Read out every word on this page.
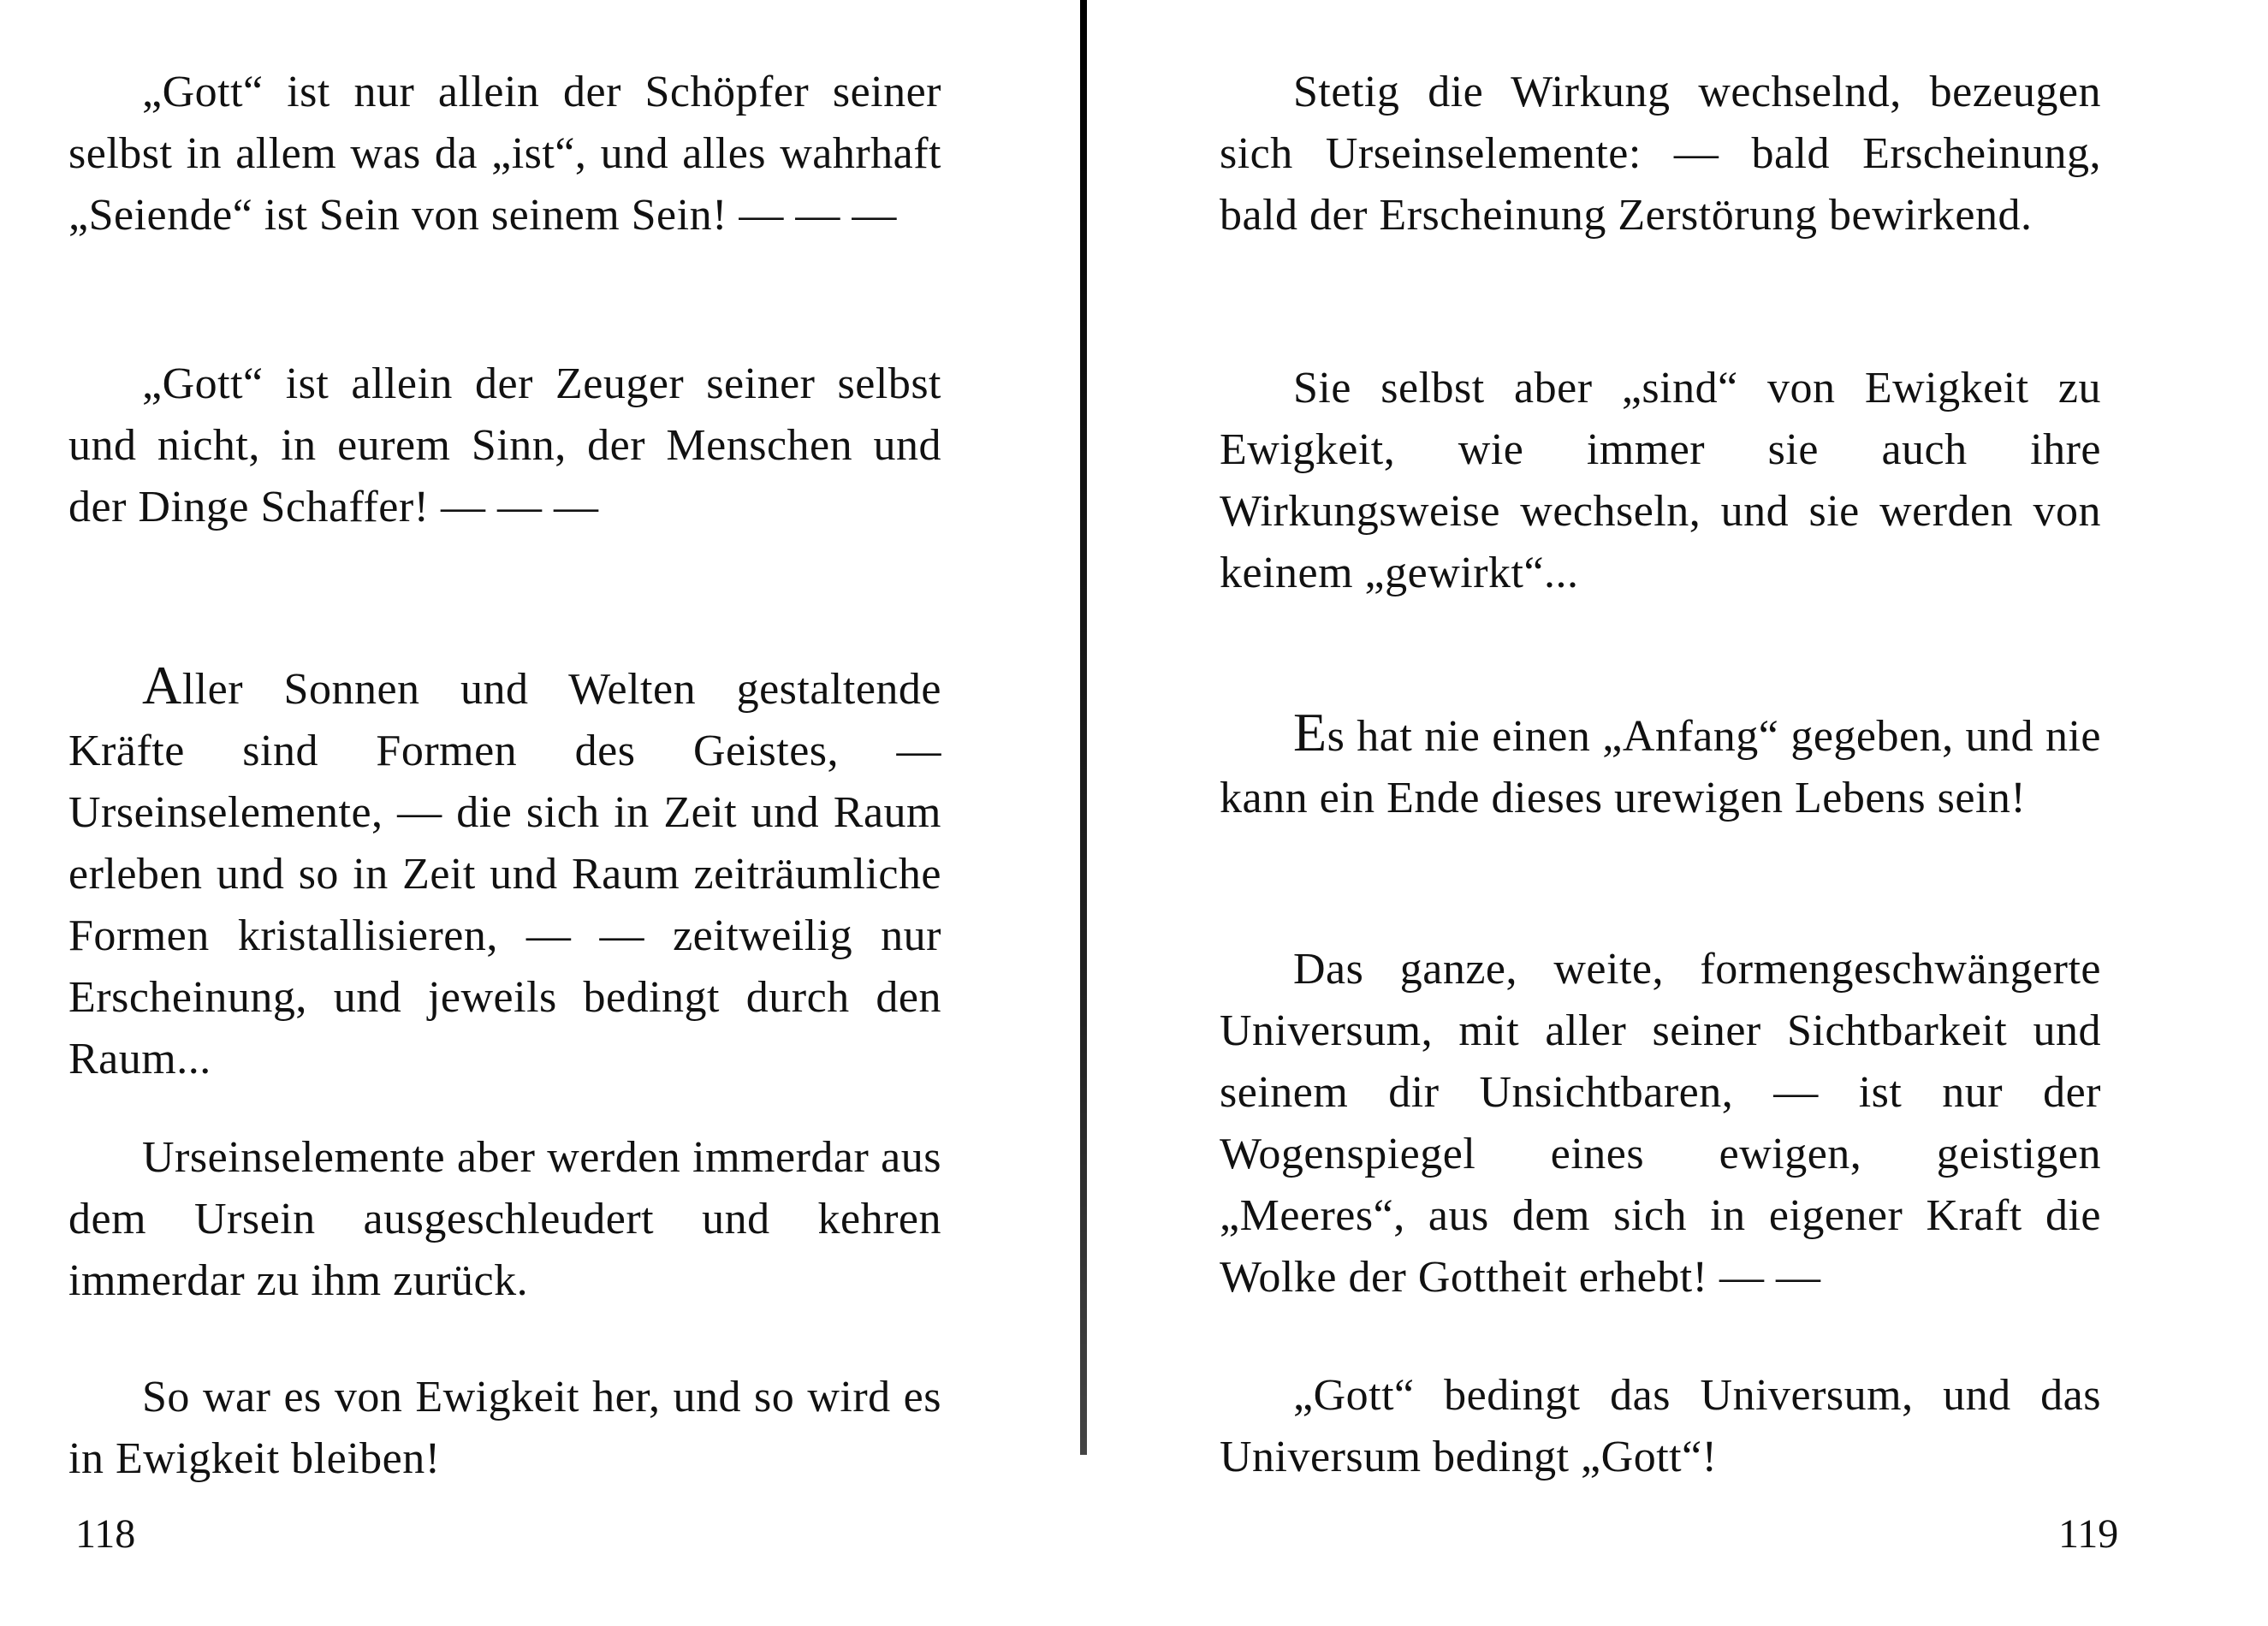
„Gott“ ist nur allein der Schöpfer seiner selbst in allem was da „ist“, und alles wahrhaft „Seiende“ ist Sein von seinem Sein! — — —

„Gott“ ist allein der Zeuger seiner selbst und nicht, in eurem Sinn, der Menschen und der Dinge Schaffer! — — —

Aller Sonnen und Welten gestaltende Kräfte sind Formen des Geistes, — Urseinselemente, — die sich in Zeit und Raum erleben und so in Zeit und Raum zeiträumliche Formen kristallisieren, — — zeitweilig nur Erscheinung, und jeweils bedingt durch den Raum...

Urseinselemente aber werden immerdar aus dem Ursein ausgeschleudert und kehren immerdar zu ihm zurück.

So war es von Ewigkeit her, und so wird es in Ewigkeit bleiben!

118

Stetig die Wirkung wechselnd, bezeugen sich Urseinselemente: — bald Erscheinung, bald der Erscheinung Zerstörung bewirkend.

Sie selbst aber „sind“ von Ewigkeit zu Ewigkeit, wie immer sie auch ihre Wirkungsweise wechseln, und sie werden von keinem „gewirkt“...

Es hat nie einen „Anfang“ gegeben, und nie kann ein Ende dieses urewigen Lebens sein!

Das ganze, weite, formengeschwängerte Universum, mit aller seiner Sichtbarkeit und seinem dir Unsichtbaren, — ist nur der Wogenspiegel eines ewigen, geistigen „Meeres“, aus dem sich in eigener Kraft die Wolke der Gottheit erhebt! — —

„Gott“ bedingt das Universum, und das Universum bedingt „Gott“!

119
